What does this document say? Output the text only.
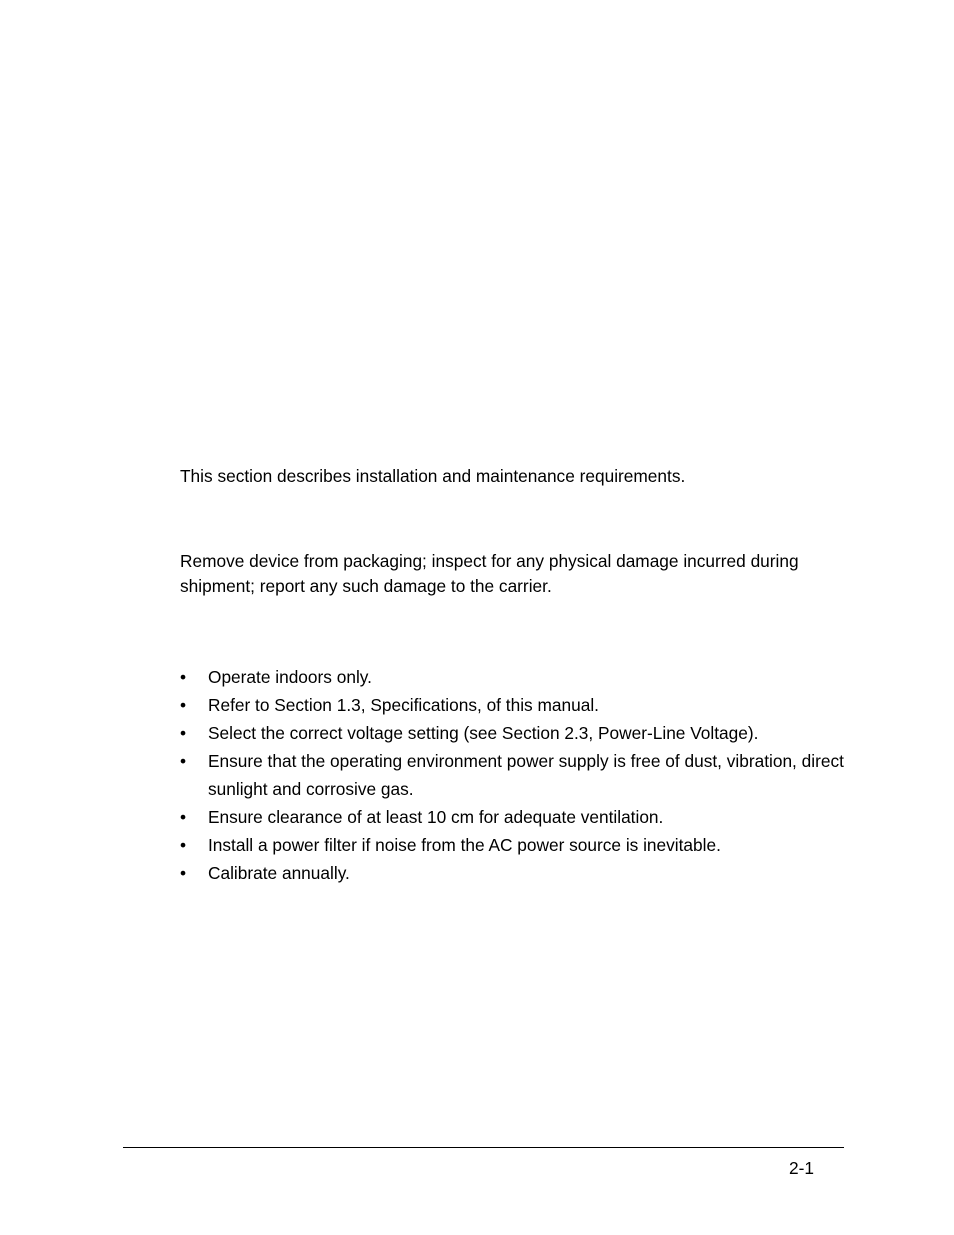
This section describes installation and maintenance requirements.

Remove device from packaging; inspect for any physical damage incurred during shipment; report any such damage to the carrier.

• Operate indoors only.
• Refer to Section 1.3, Specifications, of this manual.
• Select the correct voltage setting (see Section 2.3, Power-Line Voltage).
• Ensure that the operating environment power supply is free of dust, vibration, direct sunlight and corrosive gas.
• Ensure clearance of at least 10 cm for adequate ventilation.
• Install a power filter if noise from the AC power source is inevitable.
• Calibrate annually.
2-1
